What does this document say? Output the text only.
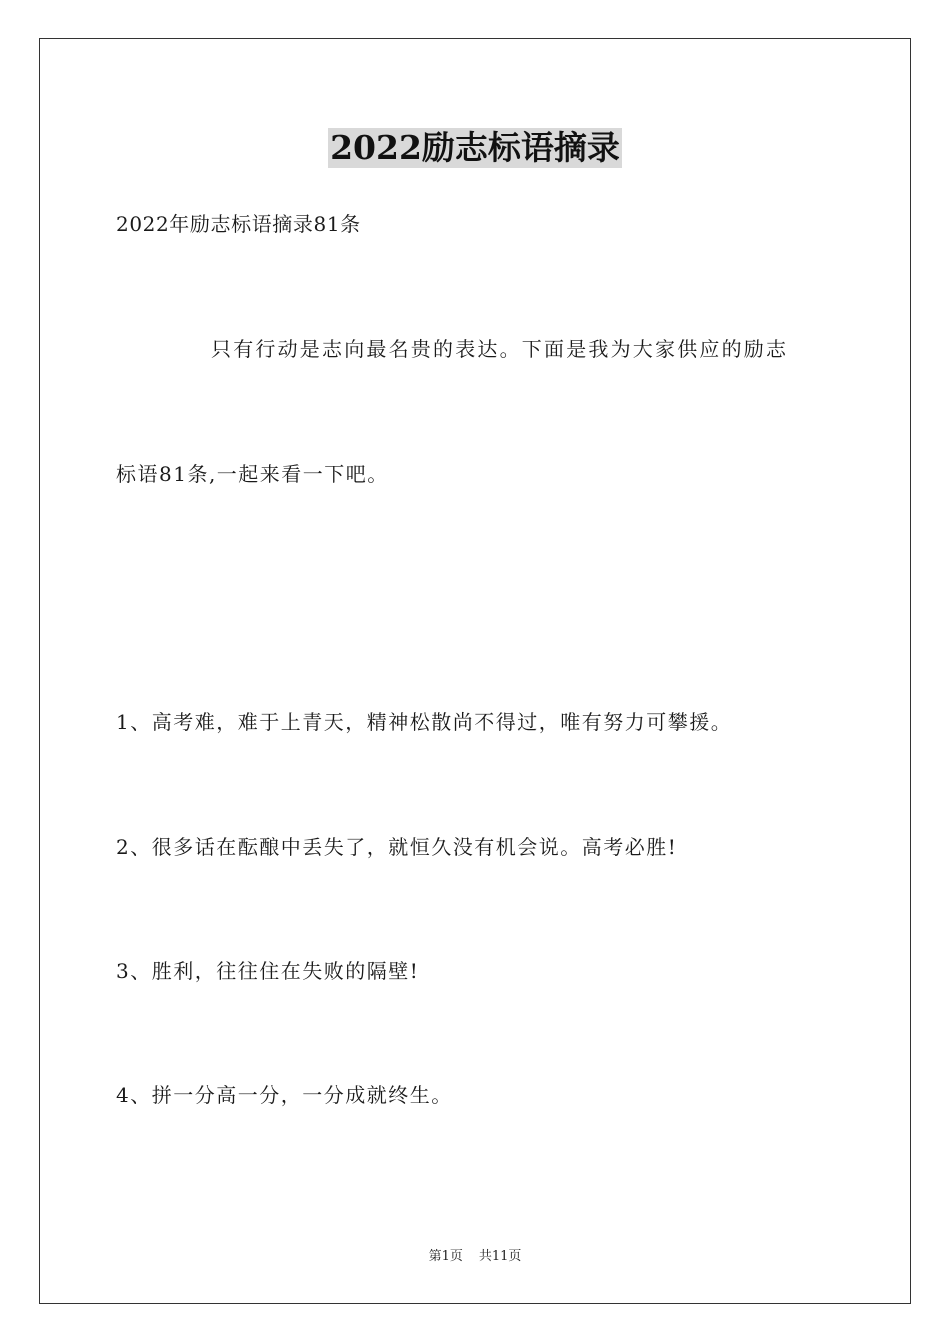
2022励志标语摘录
2022年励志标语摘录81条
只有行动是志向最名贵的表达。下面是我为大家供应的励志
标语81条,一起来看一下吧。
1、高考难，难于上青天，精神松散尚不得过，唯有努力可攀援。
2、很多话在酝酿中丢失了，就恒久没有机会说。高考必胜!
3、胜利，往往住在失败的隔壁!
4、拼一分高一分，一分成就终生。
第1页 共11页
